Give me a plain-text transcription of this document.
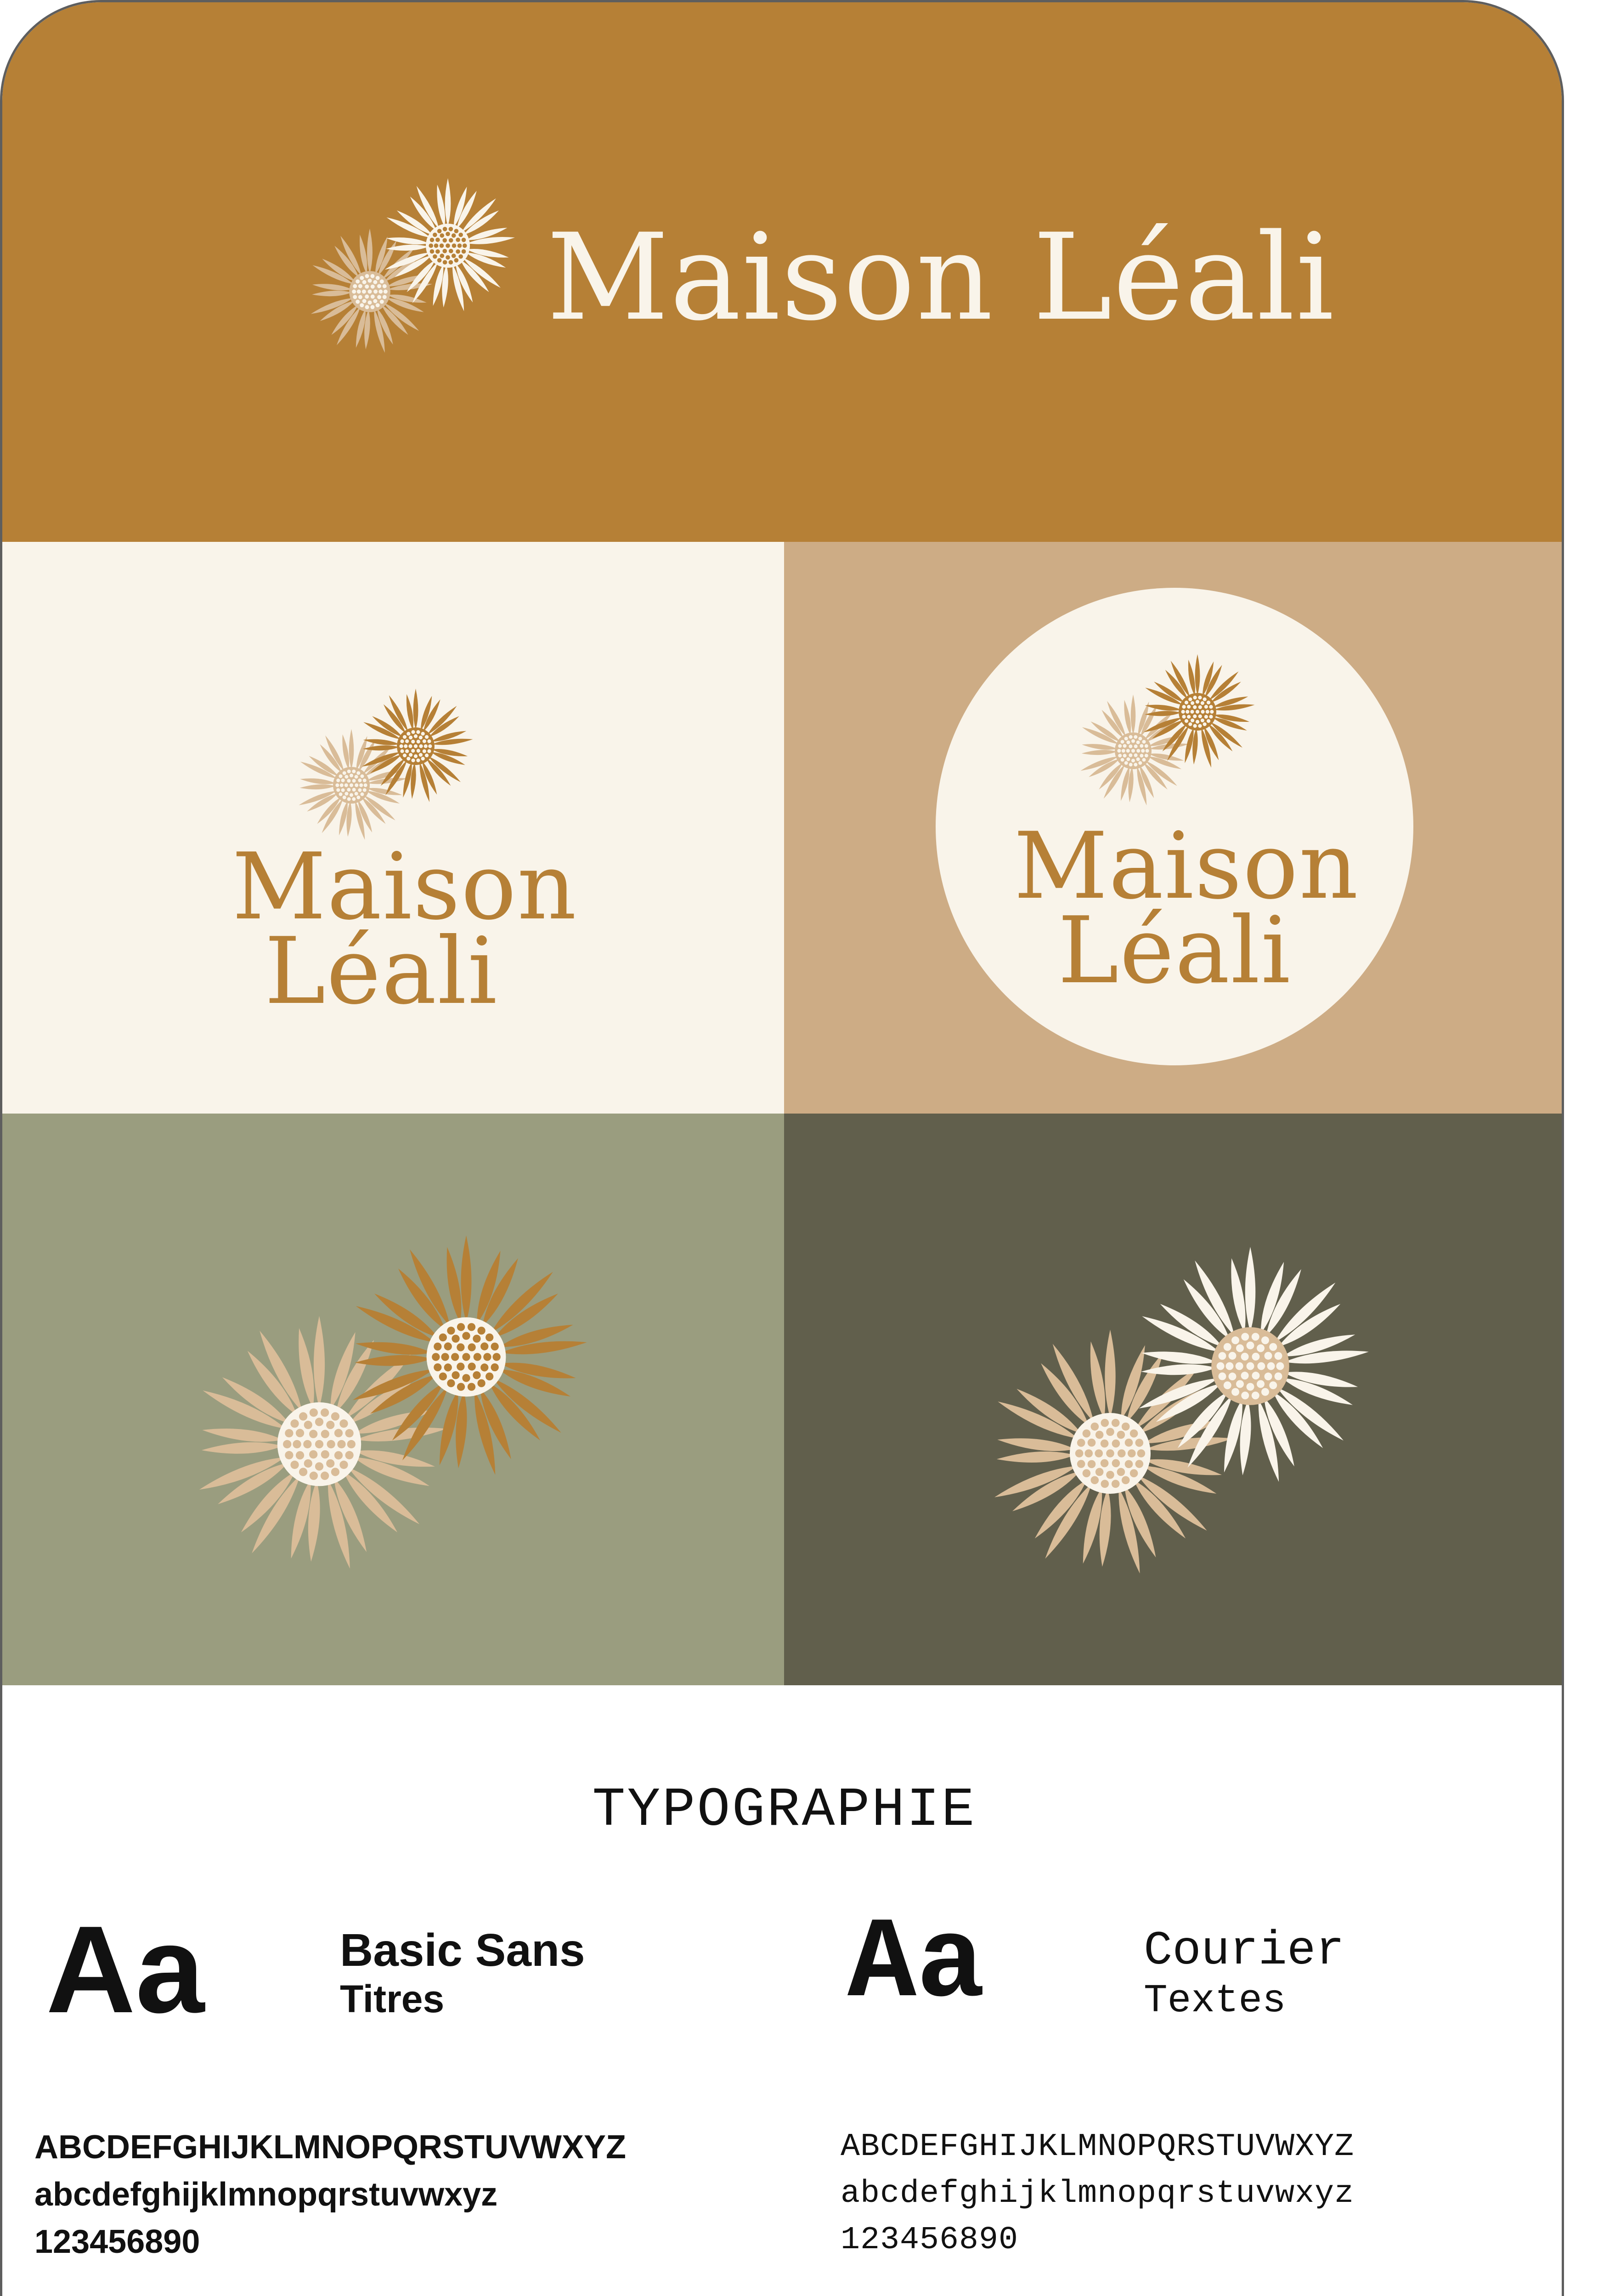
Maison Léali
Maison
Léali
Maison
Léali
TYPOGRAPHIE
Aa	Basic Sans
Titres
ABCDEFGHIJKLMNOPQRSTUVWXYZ
abcdefghijklmnopqrstuvwxyz
123456890
Aa	Courier
Textes
ABCDEFGHIJKLMNOPQRSTUVWXYZ
abcdefghijklmnopqrstuvwxyz
123456890
